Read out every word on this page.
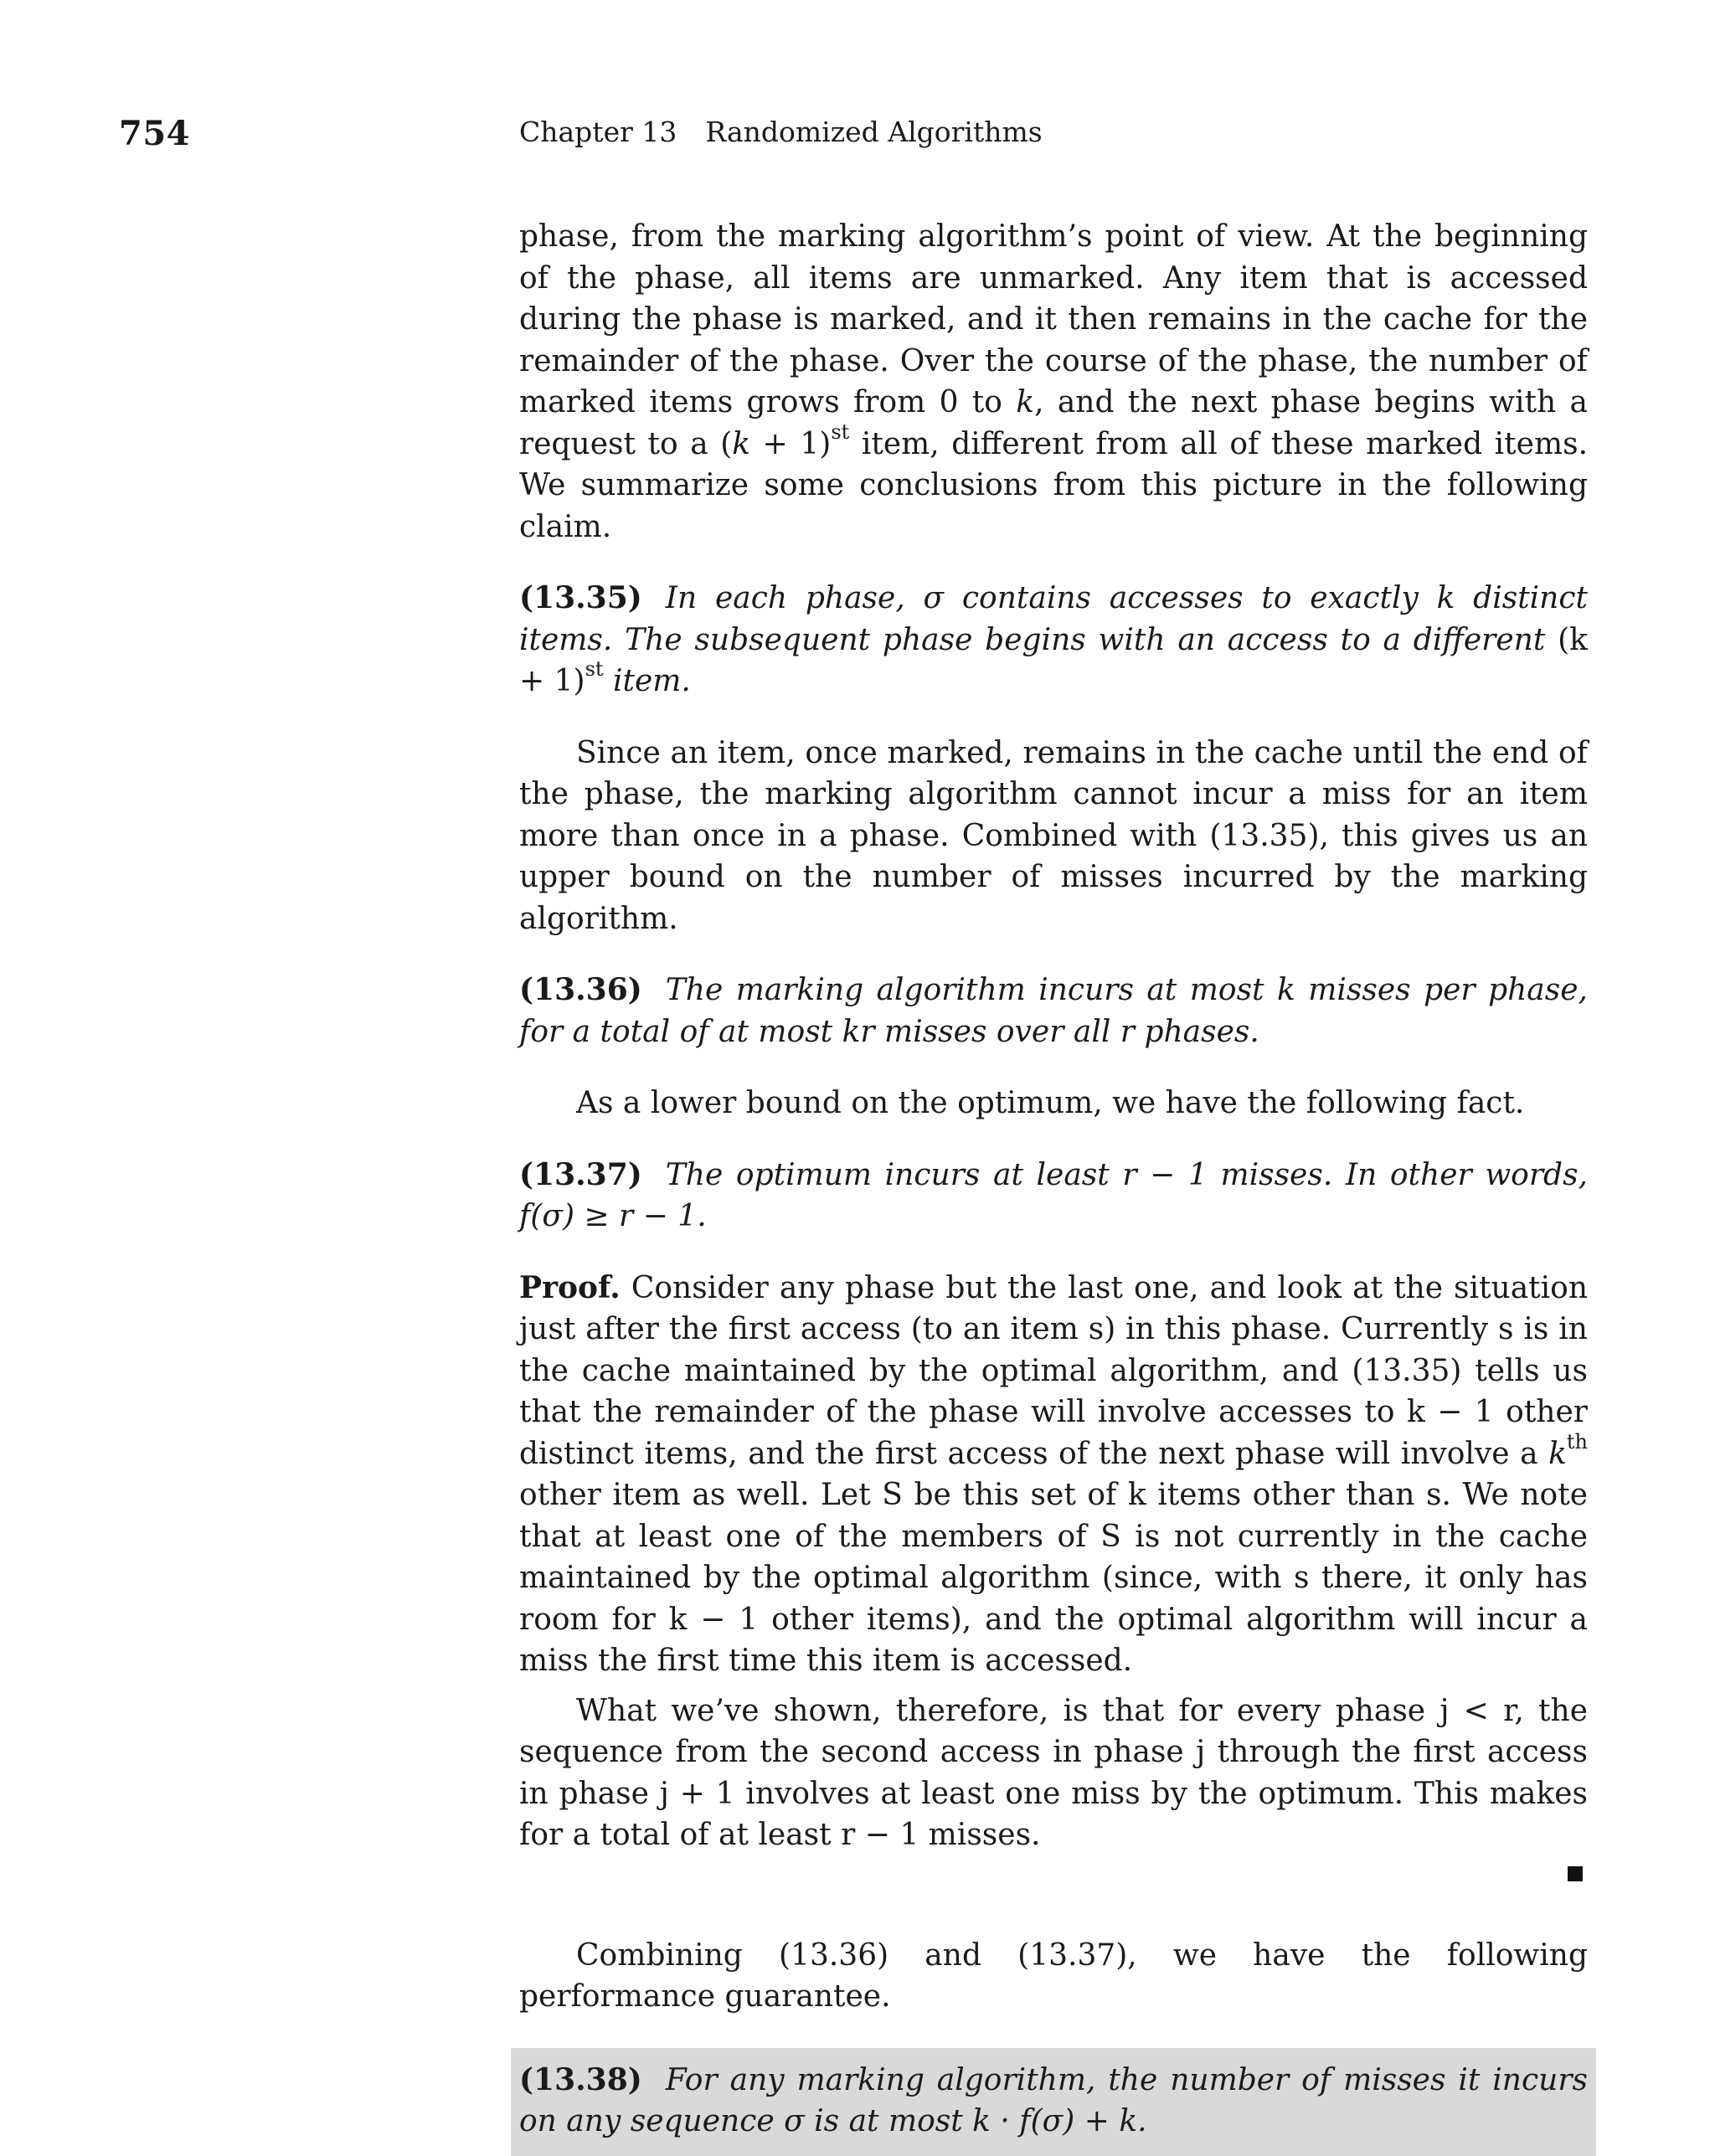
754	Chapter 13 Randomized Algorithms

phase, from the marking algorithm’s point of view. At the beginning of the phase, all items are unmarked. Any item that is accessed during the phase is marked, and it then remains in the cache for the remainder of the phase. Over the course of the phase, the number of marked items grows from 0 to k, and the next phase begins with a request to a $(k + 1)^{st}$ item, different from all of these marked items. We summarize some conclusions from this picture in the following claim.

(13.35) In each phase, σ contains accesses to exactly k distinct items. The subsequent phase begins with an access to a different $(k + 1)^{st}$ item.

Since an item, once marked, remains in the cache until the end of the phase, the marking algorithm cannot incur a miss for an item more than once in a phase. Combined with (13.35), this gives us an upper bound on the number of misses incurred by the marking algorithm.

(13.36) The marking algorithm incurs at most k misses per phase, for a total of at most kr misses over all r phases.

As a lower bound on the optimum, we have the following fact.

(13.37) The optimum incurs at least r − 1 misses. In other words, f(σ) ≥ r − 1.

Proof. Consider any phase but the last one, and look at the situation just after the first access (to an item s) in this phase. Currently s is in the cache maintained by the optimal algorithm, and (13.35) tells us that the remainder of the phase will involve accesses to k − 1 other distinct items, and the first access of the next phase will involve a $k^{th}$ other item as well. Let S be this set of k items other than s. We note that at least one of the members of S is not currently in the cache maintained by the optimal algorithm (since, with s there, it only has room for k − 1 other items), and the optimal algorithm will incur a miss the first time this item is accessed.

What we’ve shown, therefore, is that for every phase j < r, the sequence from the second access in phase j through the first access in phase j + 1 involves at least one miss by the optimum. This makes for a total of at least r − 1 misses.

Combining (13.36) and (13.37), we have the following performance guarantee.

(13.38) For any marking algorithm, the number of misses it incurs on any sequence σ is at most k · f(σ) + k.
